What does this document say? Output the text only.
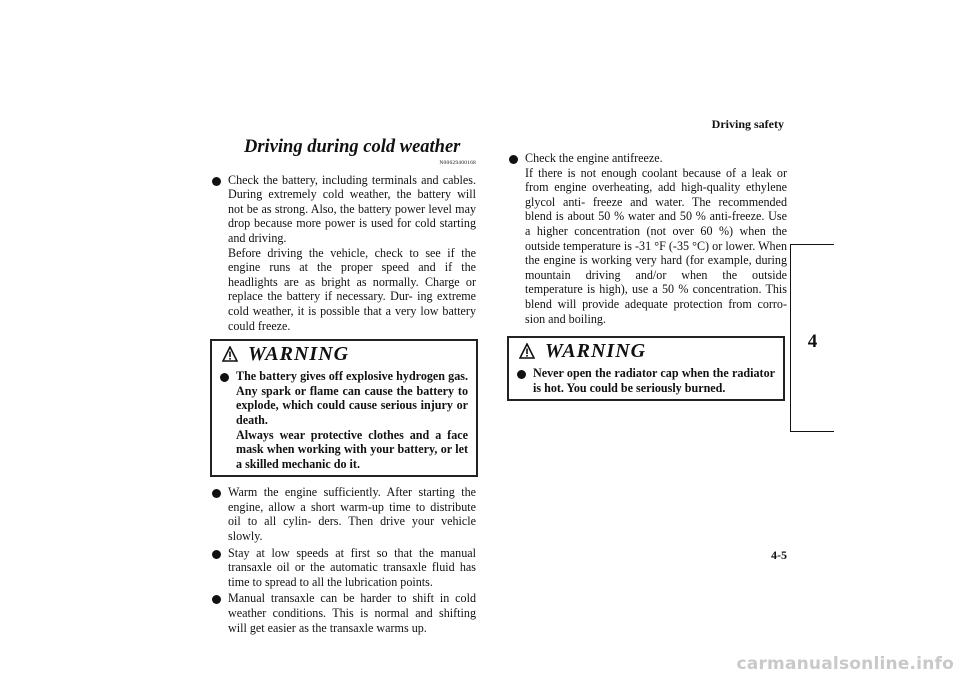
Driving safety
4
Driving during cold weather
N00629400168
Check the battery, including terminals and cables. During extremely cold weather, the battery will not be as strong. Also, the battery power level may drop because more power is used for cold starting and driving.
Before driving the vehicle, check to see if the engine runs at the proper speed and if the headlights are as bright as normally. Charge or replace the battery if necessary. Dur- ing extreme cold weather, it is possible that a very low battery could freeze.
WARNING
The battery gives off explosive hydrogen gas. Any spark or flame can cause the battery to explode, which could cause serious injury or death.
Always wear protective clothes and a face mask when working with your battery, or let a skilled mechanic do it.
Warm the engine sufficiently. After starting the engine, allow a short warm-up time to distribute oil to all cylin- ders. Then drive your vehicle slowly.
Stay at low speeds at first so that the manual transaxle oil or the automatic transaxle fluid has time to spread to all the lubrication points.
Manual transaxle can be harder to shift in cold weather conditions. This is normal and shifting will get easier as the transaxle warms up.
Check the engine antifreeze.
If there is not enough coolant because of a leak or from engine overheating, add high-quality ethylene glycol anti- freeze and water. The recommended blend is about 50 % water and 50 % anti-freeze. Use a higher concentration (not over 60 %) when the outside temperature is -31 °F (-35 °C) or lower. When the engine is working very hard (for example, during mountain driving and/or when the outside temperature is high), use a 50 % concentration. This blend will provide adequate protection from corro- sion and boiling.
WARNING
Never open the radiator cap when the radiator is hot. You could be seriously burned.
4-5
carmanualsonline.info
